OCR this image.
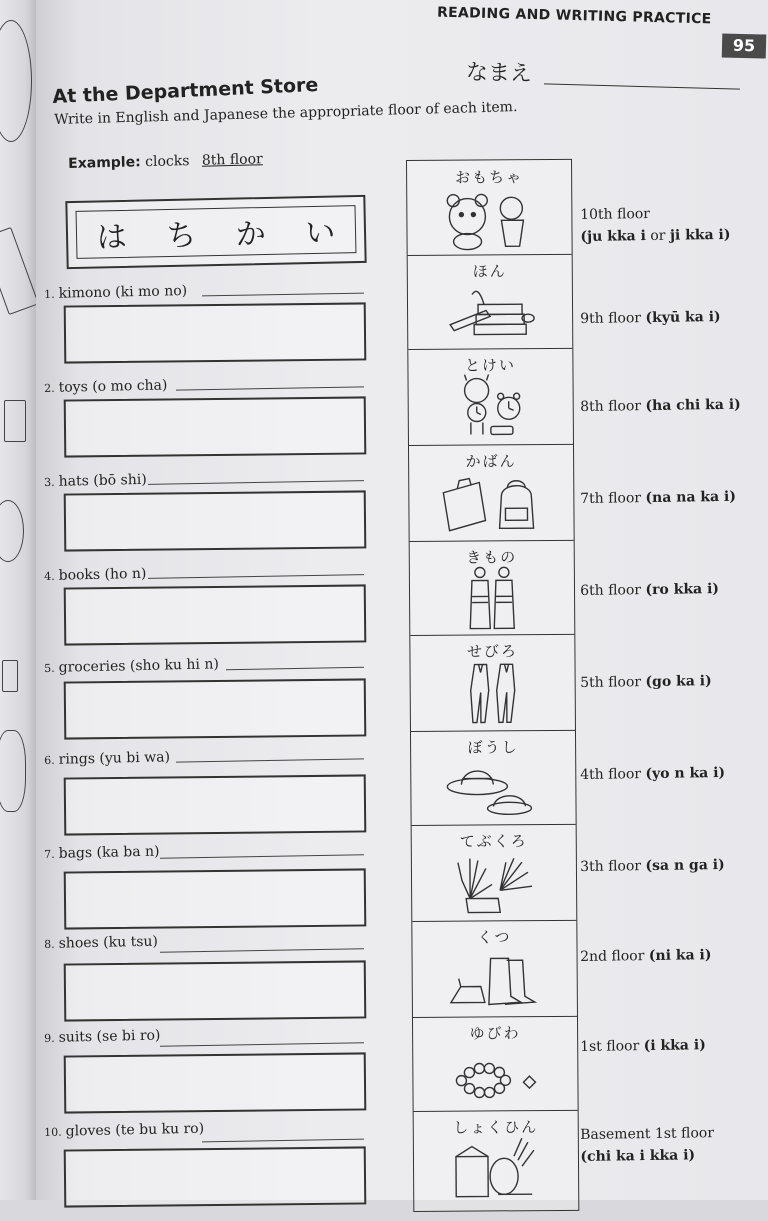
READING AND WRITING PRACTICE
95
なまえ
At the Department Store
Write in English and Japanese the appropriate floor of each item.
Example: clocks 8th floor
は ち か い
1. kimono (ki mo no)
2. toys (o mo cha)
3. hats (bō shi)
4. books (ho n)
5. groceries (sho ku hi n)
6. rings (yu bi wa)
7. bags (ka ba n)
8. shoes (ku tsu)
9. suits (se bi ro)
10. gloves (te bu ku ro)
おもちゃ
ほん
とけい
かばん
きもの
せびろ
ぼうし
てぶくろ
くつ
ゆびわ
しょくひん
10th floor
(ju kka i or ji kka i)
9th floor (kyū ka i)
8th floor (ha chi ka i)
7th floor (na na ka i)
6th floor (ro kka i)
5th floor (go ka i)
4th floor (yo n ka i)
3th floor (sa n ga i)
2nd floor (ni ka i)
1st floor (i kka i)
Basement 1st floor
(chi ka i kka i)
